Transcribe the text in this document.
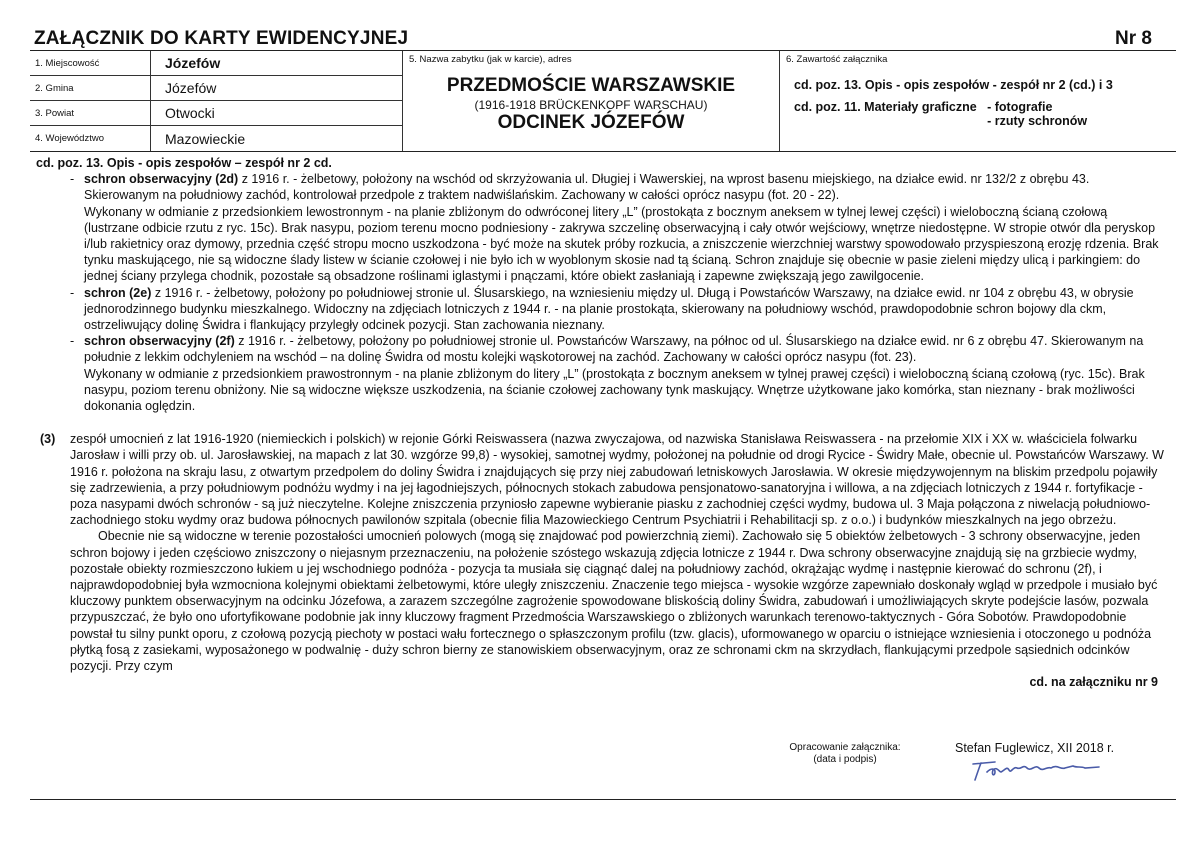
ZAŁĄCZNIK DO KARTY EWIDENCYJNEJ	Nr 8
1. Miejscowość	Józefów
2. Gmina	Józefów
3. Powiat	Otwocki
4. Województwo	Mazowieckie
5. Nazwa zabytku (jak w karcie), adres
PRZEDMOŚCIE WARSZAWSKIE
(1916-1918 BRÜCKENKOPF WARSCHAU)
ODCINEK JÓZEFÓW
6. Zawartość załącznika
cd. poz. 13. Opis - opis zespołów - zespół nr 2 (cd.) i 3
cd. poz. 11. Materiały graficzne - fotografie
- rzuty schronów
cd. poz. 13. Opis - opis zespołów – zespół nr 2 cd.
- schron obserwacyjny (2d) z 1916 r. - żelbetowy, położony na wschód od skrzyżowania ul. Długiej i Wawerskiej, na wprost basenu miejskiego, na działce ewid. nr 132/2 z obrębu 43. Skierowanym na południowy zachód, kontrolował przedpole z traktem nadwiślańskim. Zachowany w całości oprócz nasypu (fot. 20 - 22).

Wykonany w odmianie z przedsionkiem lewostronnym - na planie zbliżonym do odwróconej litery „L” (prostokąta z bocznym aneksem w tylnej lewej części) i wieloboczną ścianą czołową (lustrzane odbicie rzutu z ryc. 15c). Brak nasypu, poziom terenu mocno podniesiony - zakrywa szczelinę obserwacyjną i cały otwór wejściowy, wnętrze niedostępne. W stropie otwór dla peryskop i/lub rakietnicy oraz dymowy, przednia część stropu mocno uszkodzona - być może na skutek próby rozkucia, a zniszczenie wierzchniej warstwy spowodowało przyspieszoną erozję rdzenia. Brak tynku maskującego, nie są widoczne ślady listew w ścianie czołowej i nie było ich w wyoblonym skosie nad tą ścianą. Schron znajduje się obecnie w pasie zieleni między ulicą i parkingiem: do jednej ściany przylega chodnik, pozostałe są obsadzone roślinami iglastymi i pnączami, które obiekt zasłaniają i zapewne zwiększają jego zawilgocenie.

- schron (2e) z 1916 r. - żelbetowy, położony po południowej stronie ul. Ślusarskiego, na wzniesieniu między ul. Długą i Powstańców Warszawy, na działce ewid. nr 104 z obrębu 43, w obrysie jednorodzinnego budynku mieszkalnego. Widoczny na zdjęciach lotniczych z 1944 r. - na planie prostokąta, skierowany na południowy wschód, prawdopodobnie schron bojowy dla ckm, ostrzeliwujący dolinę Świdra i flankujący przyległy odcinek pozycji. Stan zachowania nieznany.

- schron obserwacyjny (2f) z 1916 r. - żelbetowy, położony po południowej stronie ul. Powstańców Warszawy, na północ od ul. Ślusarskiego na działce ewid. nr 6 z obrębu 47. Skierowanym na południe z lekkim odchyleniem na wschód – na dolinę Świdra od mostu kolejki wąskotorowej na zachód. Zachowany w całości oprócz nasypu (fot. 23).

Wykonany w odmianie z przedsionkiem prawostronnym - na planie zbliżonym do litery „L” (prostokąta z bocznym aneksem w tylnej prawej części) i wieloboczną ścianą czołową (ryc. 15c). Brak nasypu, poziom terenu obniżony. Nie są widoczne większe uszkodzenia, na ścianie czołowej zachowany tynk maskujący. Wnętrze użytkowane jako komórka, stan nieznany - brak możliwości dokonania oględzin.

(3)	zespół umocnień z lat 1916-1920 (niemieckich i polskich) w rejonie Górki Reiswassera (nazwa zwyczajowa, od nazwiska Stanisława Reiswassera - na przełomie XIX i XX w. właściciela folwarku Jarosław i willi przy ob. ul. Jarosławskiej, na mapach z lat 30. wzgórze 99,8) - wysokiej, samotnej wydmy, położonej na południe od drogi Rycice - Świdry Małe, obecnie ul. Powstańców Warszawy. W 1916 r. położona na skraju lasu, z otwartym przedpolem do doliny Świdra i znajdujących się przy niej zabudowań letniskowych Jarosławia. W okresie międzywojennym na bliskim przedpolu pojawiły się zadrzewienia, a przy południowym podnóżu wydmy i na jej łagodniejszych, północnych stokach zabudowa pensjonatowo-sanatoryjna i willowa, a na zdjęciach lotniczych z 1944 r. fortyfikacje - poza nasypami dwóch schronów - są już nieczytelne. Kolejne zniszczenia przyniosło zapewne wybieranie piasku z zachodniej części wydmy, budowa ul. 3 Maja połączona z niwelacją południowo-zachodniego stoku wydmy oraz budowa północnych pawilonów szpitala (obecnie filia Mazowieckiego Centrum Psychiatrii i Rehabilitacji sp. z o.o.) i budynków mieszkalnych na jego obrzeżu.

Obecnie nie są widoczne w terenie pozostałości umocnień polowych (mogą się znajdować pod powierzchnią ziemi). Zachowało się 5 obiektów żelbetowych - 3 schrony obserwacyjne, jeden schron bojowy i jeden częściowo zniszczony o niejasnym przeznaczeniu, na położenie szóstego wskazują zdjęcia lotnicze z 1944 r. Dwa schrony obserwacyjne znajdują się na grzbiecie wydmy, pozostałe obiekty rozmieszczono łukiem u jej wschodniego podnóża - pozycja ta musiała się ciągnąć dalej na południowy zachód, okrążając wydmę i następnie kierować do schronu (2f), i najprawdopodobniej była wzmocniona kolejnymi obiektami żelbetowymi, które uległy zniszczeniu. Znaczenie tego miejsca - wysokie wzgórze zapewniało doskonały wgląd w przedpole i musiało być kluczowy punktem obserwacyjnym na odcinku Józefowa, a zarazem szczególne zagrożenie spowodowane bliskością doliny Świdra, zabudowań i umożliwiających skryte podejście lasów, pozwala przypuszczać, że było ono ufortyfikowane podobnie jak inny kluczowy fragment Przedmościa Warszawskiego o zbliżonych warunkach terenowo-taktycznych - Góra Sobotów. Prawdopodobnie powstał tu silny punkt oporu, z czołową pozycją piechoty w postaci wału fortecznego o spłaszczonym profilu (tzw. glacis), uformowanego w oparciu o istniejące wzniesienia i otoczonego u podnóża płytką fosą z zasiekami, wyposażonego w podwalnię - duży schron bierny ze stanowiskiem obserwacyjnym, oraz ze schronami ckm na skrzydłach, flankującymi przedpole sąsiednich odcinków pozycji. Przy czym

cd. na załączniku nr 9
Opracowanie załącznika:
(data i podpis)
Stefan Fuglewicz, XII 2018 r.
